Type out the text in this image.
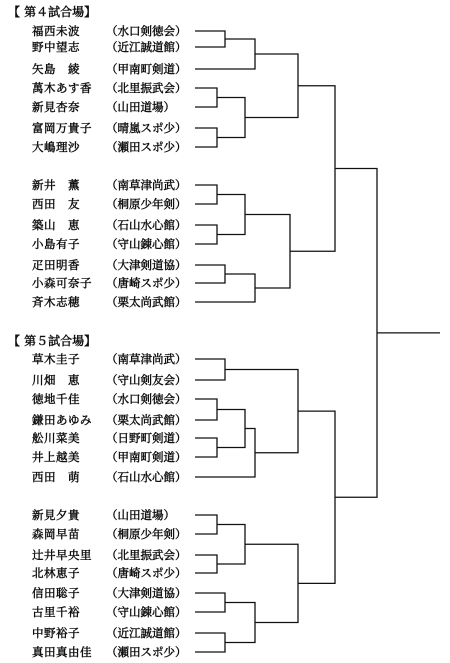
【 第４試合場】
【 第５試合場】
福西未波	（水口剣徳会）
野中望志	（近江誠道館）
矢島　綾	（甲南町剣道）
萬木あす香	（北里振武会）
新見杏奈	（山田道場）
富岡万貴子	（晴嵐スポ少）
大嶋理沙	（瀬田スポ少）
新井　薫	（南草津尚武）
西田　友	（桐原少年剣）
築山　恵	（石山水心館）
小島有子	（守山錬心館）
疋田明香	（大津剣道協）
小森可奈子	（唐崎スポ少）
斉木志穂	（栗太尚武館）
草木圭子	（南草津尚武）
川畑　恵	（守山剣友会）
徳地千佳	（水口剣徳会）
鎌田あゆみ	（栗太尚武館）
舩川菜美	（日野町剣道）
井上越美	（甲南町剣道）
西田　萌	（石山水心館）
新見夕貴	（山田道場）
森岡早苗	（桐原少年剣）
辻井早央里	（北里振武会）
北林恵子	（唐崎スポ少）
信田聡子	（大津剣道協）
古里千裕	（守山錬心館）
中野裕子	（近江誠道館）
真田真由佳	（瀬田スポ少）
